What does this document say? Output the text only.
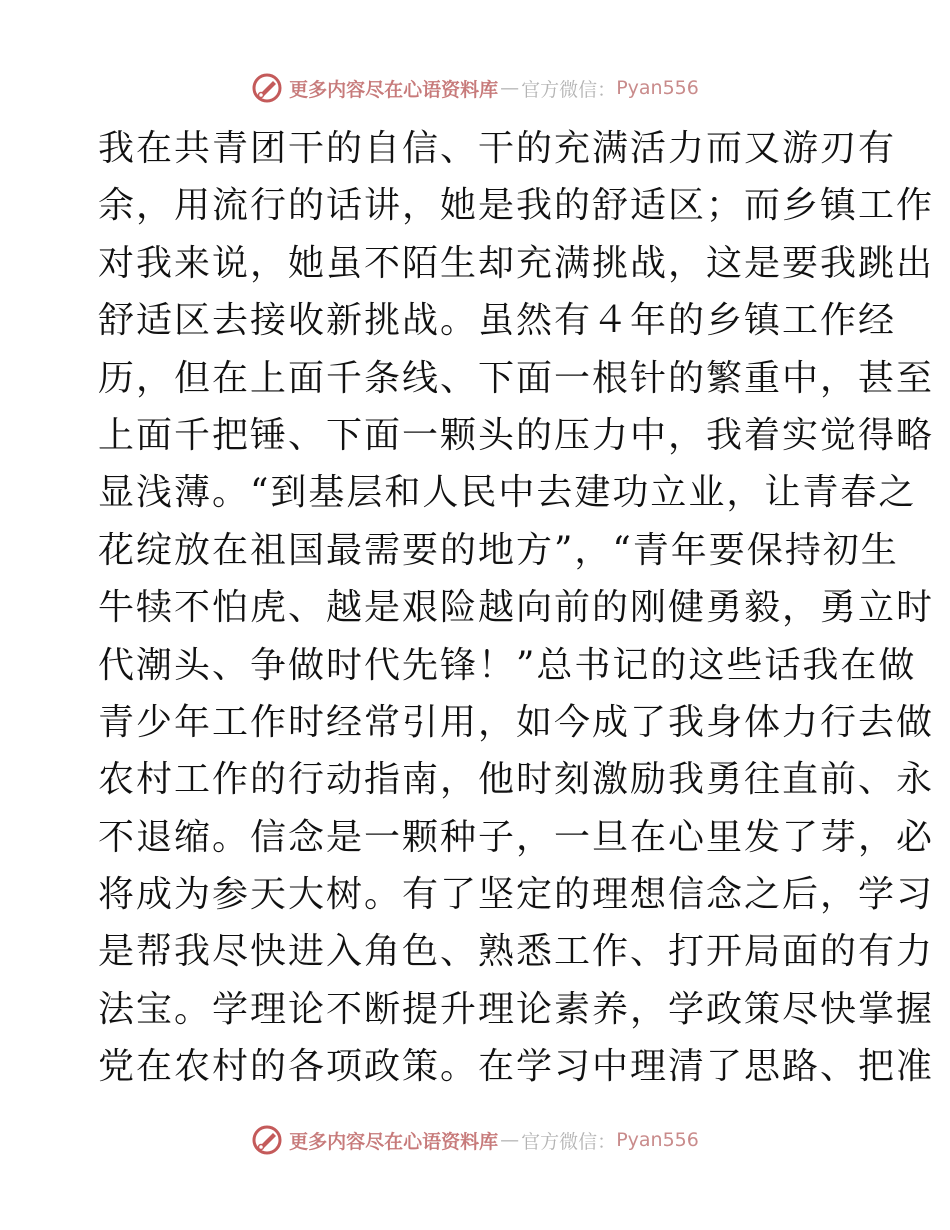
更多内容尽在心语资料库 — 官方微信： Pyan556
我在共青团干的自信、干的充满活力而又游刃有
余，用流行的话讲，她是我的舒适区；而乡镇工作
对我来说，她虽不陌生却充满挑战，这是要我跳出
舒适区去接收新挑战。虽然有４年的乡镇工作经
历，但在上面千条线、下面一根针的繁重中，甚至
上面千把锤、下面一颗头的压力中，我着实觉得略
显浅薄。“到基层和人民中去建功立业，让青春之
花绽放在祖国最需要的地方”，“青年要保持初生
牛犊不怕虎、越是艰险越向前的刚健勇毅，勇立时
代潮头、争做时代先锋！”总书记的这些话我在做
青少年工作时经常引用，如今成了我身体力行去做
农村工作的行动指南，他时刻激励我勇往直前、永
不退缩。信念是一颗种子，一旦在心里发了芽，必
将成为参天大树。有了坚定的理想信念之后，学习
是帮我尽快进入角色、熟悉工作、打开局面的有力
法宝。学理论不断提升理论素养，学政策尽快掌握
党在农村的各项政策。在学习中理清了思路、把准
更多内容尽在心语资料库 — 官方微信： Pyan556
